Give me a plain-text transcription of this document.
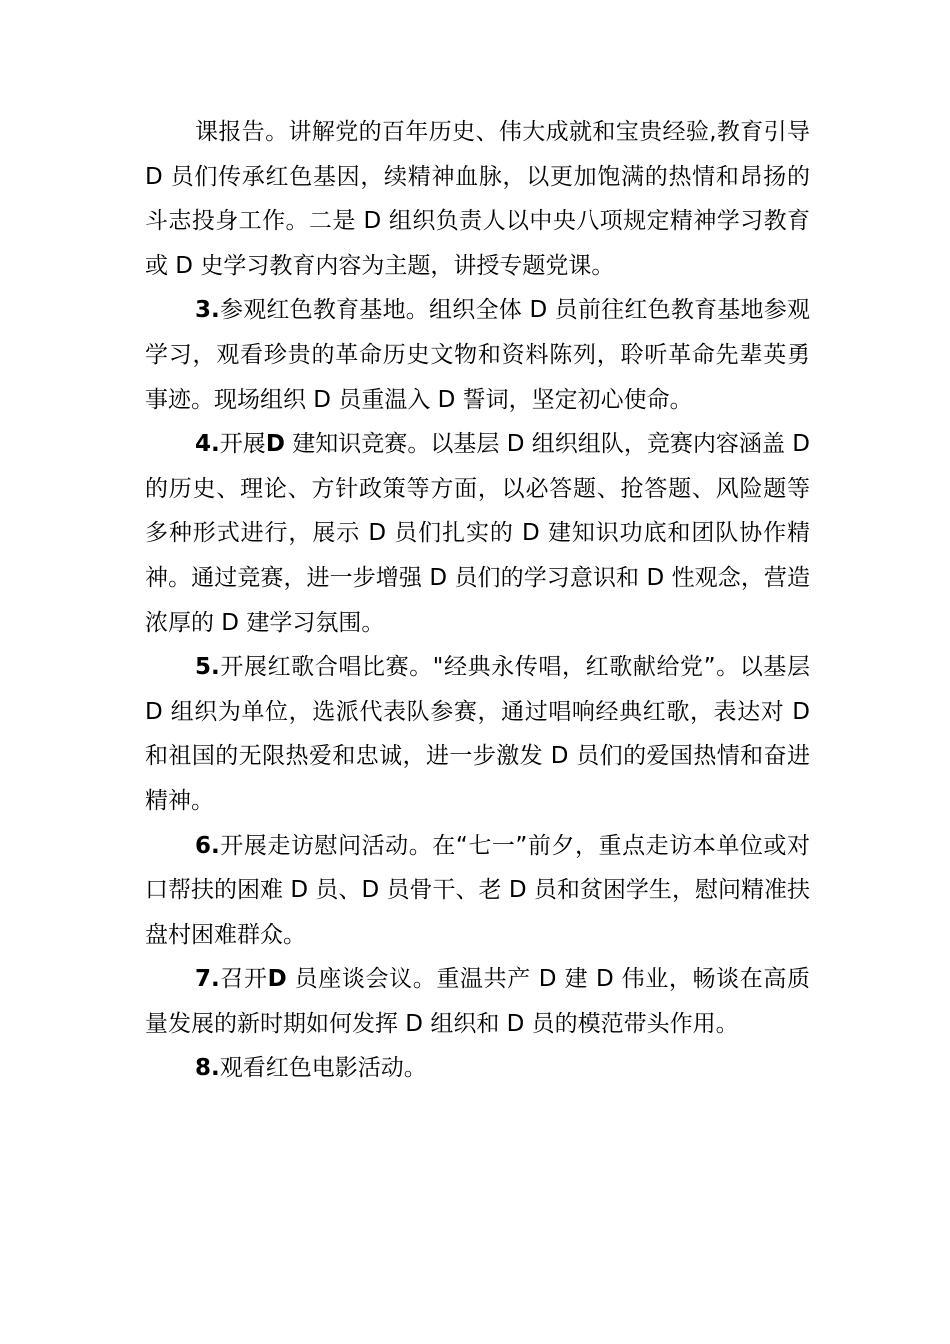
课报告。讲解党的百年历史、伟大成就和宝贵经验,教育引导 D 员们传承红色基因，续精神血脉，以更加饱满的热情和昂扬的斗志投身工作。二是 D 组织负责人以中央八项规定精神学习教育或 D 史学习教育内容为主题，讲授专题党课。

3.参观红色教育基地。组织全体 D 员前往红色教育基地参观学习，观看珍贵的革命历史文物和资料陈列，聆听革命先辈英勇事迹。现场组织 D 员重温入 D 誓词，坚定初心使命。

4.开展D 建知识竞赛。以基层 D 组织组队，竞赛内容涵盖 D 的历史、理论、方针政策等方面，以必答题、抢答题、风险题等多种形式进行，展示 D 员们扎实的 D 建知识功底和团队协作精神。通过竞赛，进一步增强 D 员们的学习意识和 D 性观念，营造浓厚的 D 建学习氛围。

5.开展红歌合唱比赛。"经典永传唱，红歌献给党”。以基层 D 组织为单位，选派代表队参赛，通过唱响经典红歌，表达对 D 和祖国的无限热爱和忠诚，进一步激发 D 员们的爱国热情和奋进精神。

6.开展走访慰问活动。在“七一”前夕，重点走访本单位或对口帮扶的困难 D 员、D 员骨干、老 D 员和贫困学生，慰问精准扶盘村困难群众。

7.召开D 员座谈会议。重温共产 D 建 D 伟业，畅谈在高质量发展的新时期如何发挥 D 组织和 D 员的模范带头作用。

8.观看红色电影活动。
